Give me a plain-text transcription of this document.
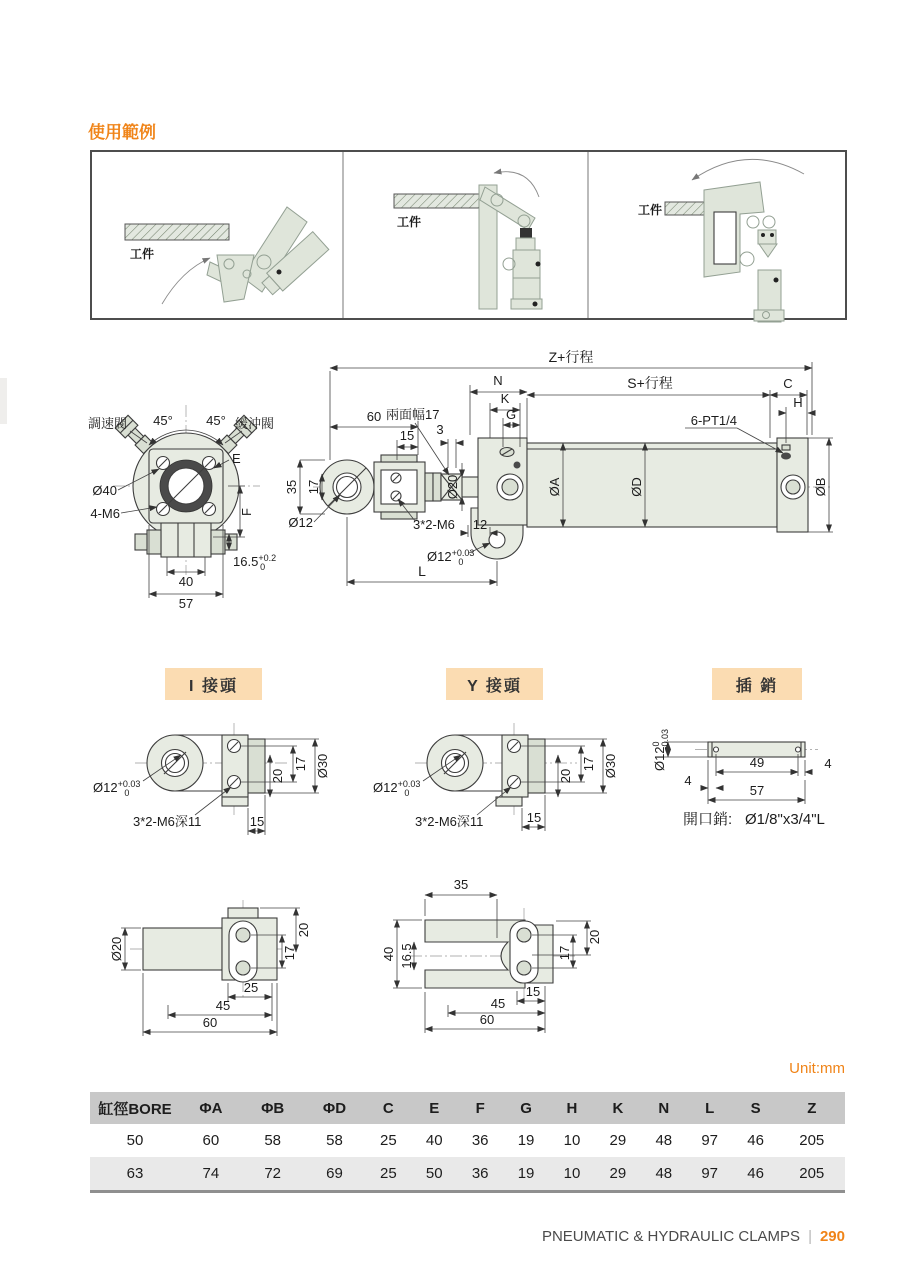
使用範例
工件
工件
工件
45°	45°
調速閥	緩沖閥
E
Ø40
4-M6	F
$16.5^{+0.2}$ 0
40
57
Z+行程
S+行程	C
H
6-PT1/4
N
K
G
60
15
兩面幅17
3
17
35
Ø12	3*2-M6 12
$Ø12^{+0.03}$ 0
L
Ø20	ØA	ØD	ØB
I 接頭	Y 接頭	插 銷
Ø30
17
20
15
$Ø12^{+0.03}$ 0
3*2-M6深11
Ø20
20
17
25
45
60
Ø30
17
20
15
$Ø12^{+0.03}$ 0
3*2-M6深11
35
40 16.5
20
17
15
45
60
$Ø12^0-0.03$
49	4
4
57
開口銷: Ø1/8"x3/4"L
Unit:mm
缸徑BORE	ΦA	ΦB	ΦD	C	E	F	G	H	K	N	L	S	Z
50	60	58	58	25	40	36	19	10	29	48	97	46	205
63	74	72	69	25	50	36	19	10	29	48	97	46	205
PNEUMATIC & HYDRAULIC CLAMPS | 290
